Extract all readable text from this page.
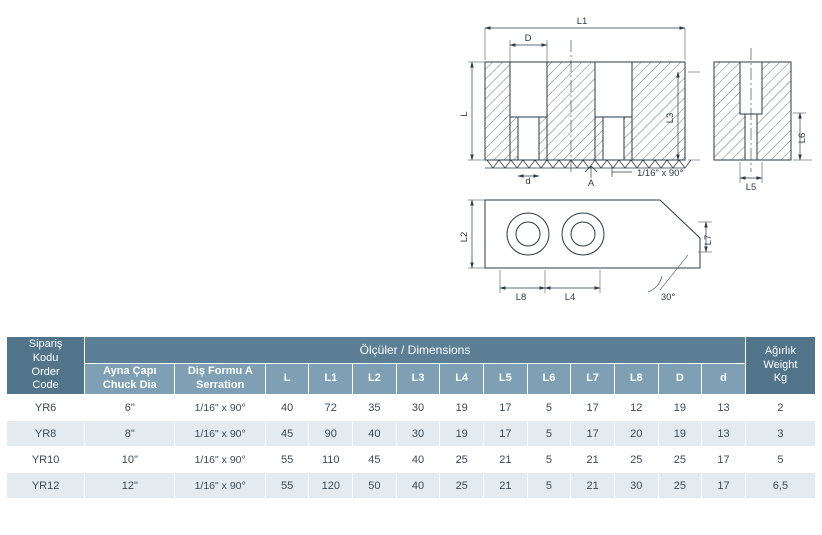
L1
D
L	L3
L6
d	A
1/16" x 90°
L5
L2	L7
L8	L4	30°
Sipariş
Kodu
Order
Code	Ölçüler / Dimensions													Ağırlık
Weight
Kg

	Ayna Çapı Chuck Dia	Diş Formu A Serration	L	L1	L2	L3	L4	L5	L6	L7	L8	D	d	
YR6	6"	1/16" x 90°	40	72	35	30	19	17	5	17	12	19	13	2
YR8	8"	1/16" x 90°	45	90	40	30	19	17	5	17	20	19	13	3
YR10	10"	1/16" x 90°	55	110	45	40	25	21	5	21	25	25	17	5
YR12	12"	1/16" x 90°	55	120	50	40	25	21	5	21	30	25	17	6,5
